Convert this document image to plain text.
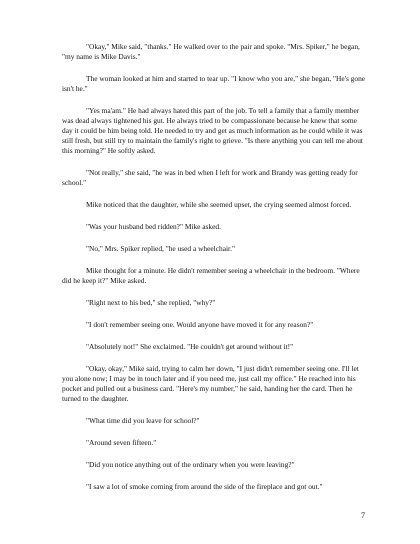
"Okay," Mike said, "thanks." He walked over to the pair and spoke. "Mrs. Spiker," he began, "my name is Mike Davis."

The woman looked at him and started to tear up. "I know who you are," she began, "He's gone isn't he."

"Yes ma'am." He had always hated this part of the job. To tell a family that a family member was dead always tightened his gut. He always tried to be compassionate because he knew that some day it could be him being told. He needed to try and get as much information as he could while it was still fresh, but still try to maintain the family's right to grieve. "Is there anything you can tell me about this morning?" He softly asked.

"Not really," she said, "he was in bed when I left for work and Brandy was getting ready for school."

Mike noticed that the daughter, while she seemed upset, the crying seemed almost forced.

"Was your husband bed ridden?" Mike asked.

"No," Mrs. Spiker replied, "he used a wheelchair."

Mike thought for a minute. He didn't remember seeing a wheelchair in the bedroom. "Where did he keep it?" Mike asked.

"Right next to his bed," she replied, "why?"

"I don't remember seeing one. Would anyone have moved it for any reason?"

"Absolutely not!" She exclaimed. "He couldn't get around without it!"

"Okay, okay," Mike said, trying to calm her down, "I just didn't remember seeing one. I'll let you alone now; I may be in touch later and if you need me, just call my office." He reached into his pocket and pulled out a business card. "Here's my number," he said, handing her the card. Then he turned to the daughter.

"What time did you leave for school?"

"Around seven fifteen."

"Did you notice anything out of the ordinary when you were leaving?"

"I saw a lot of smoke coming from around the side of the fireplace and got out."

7
